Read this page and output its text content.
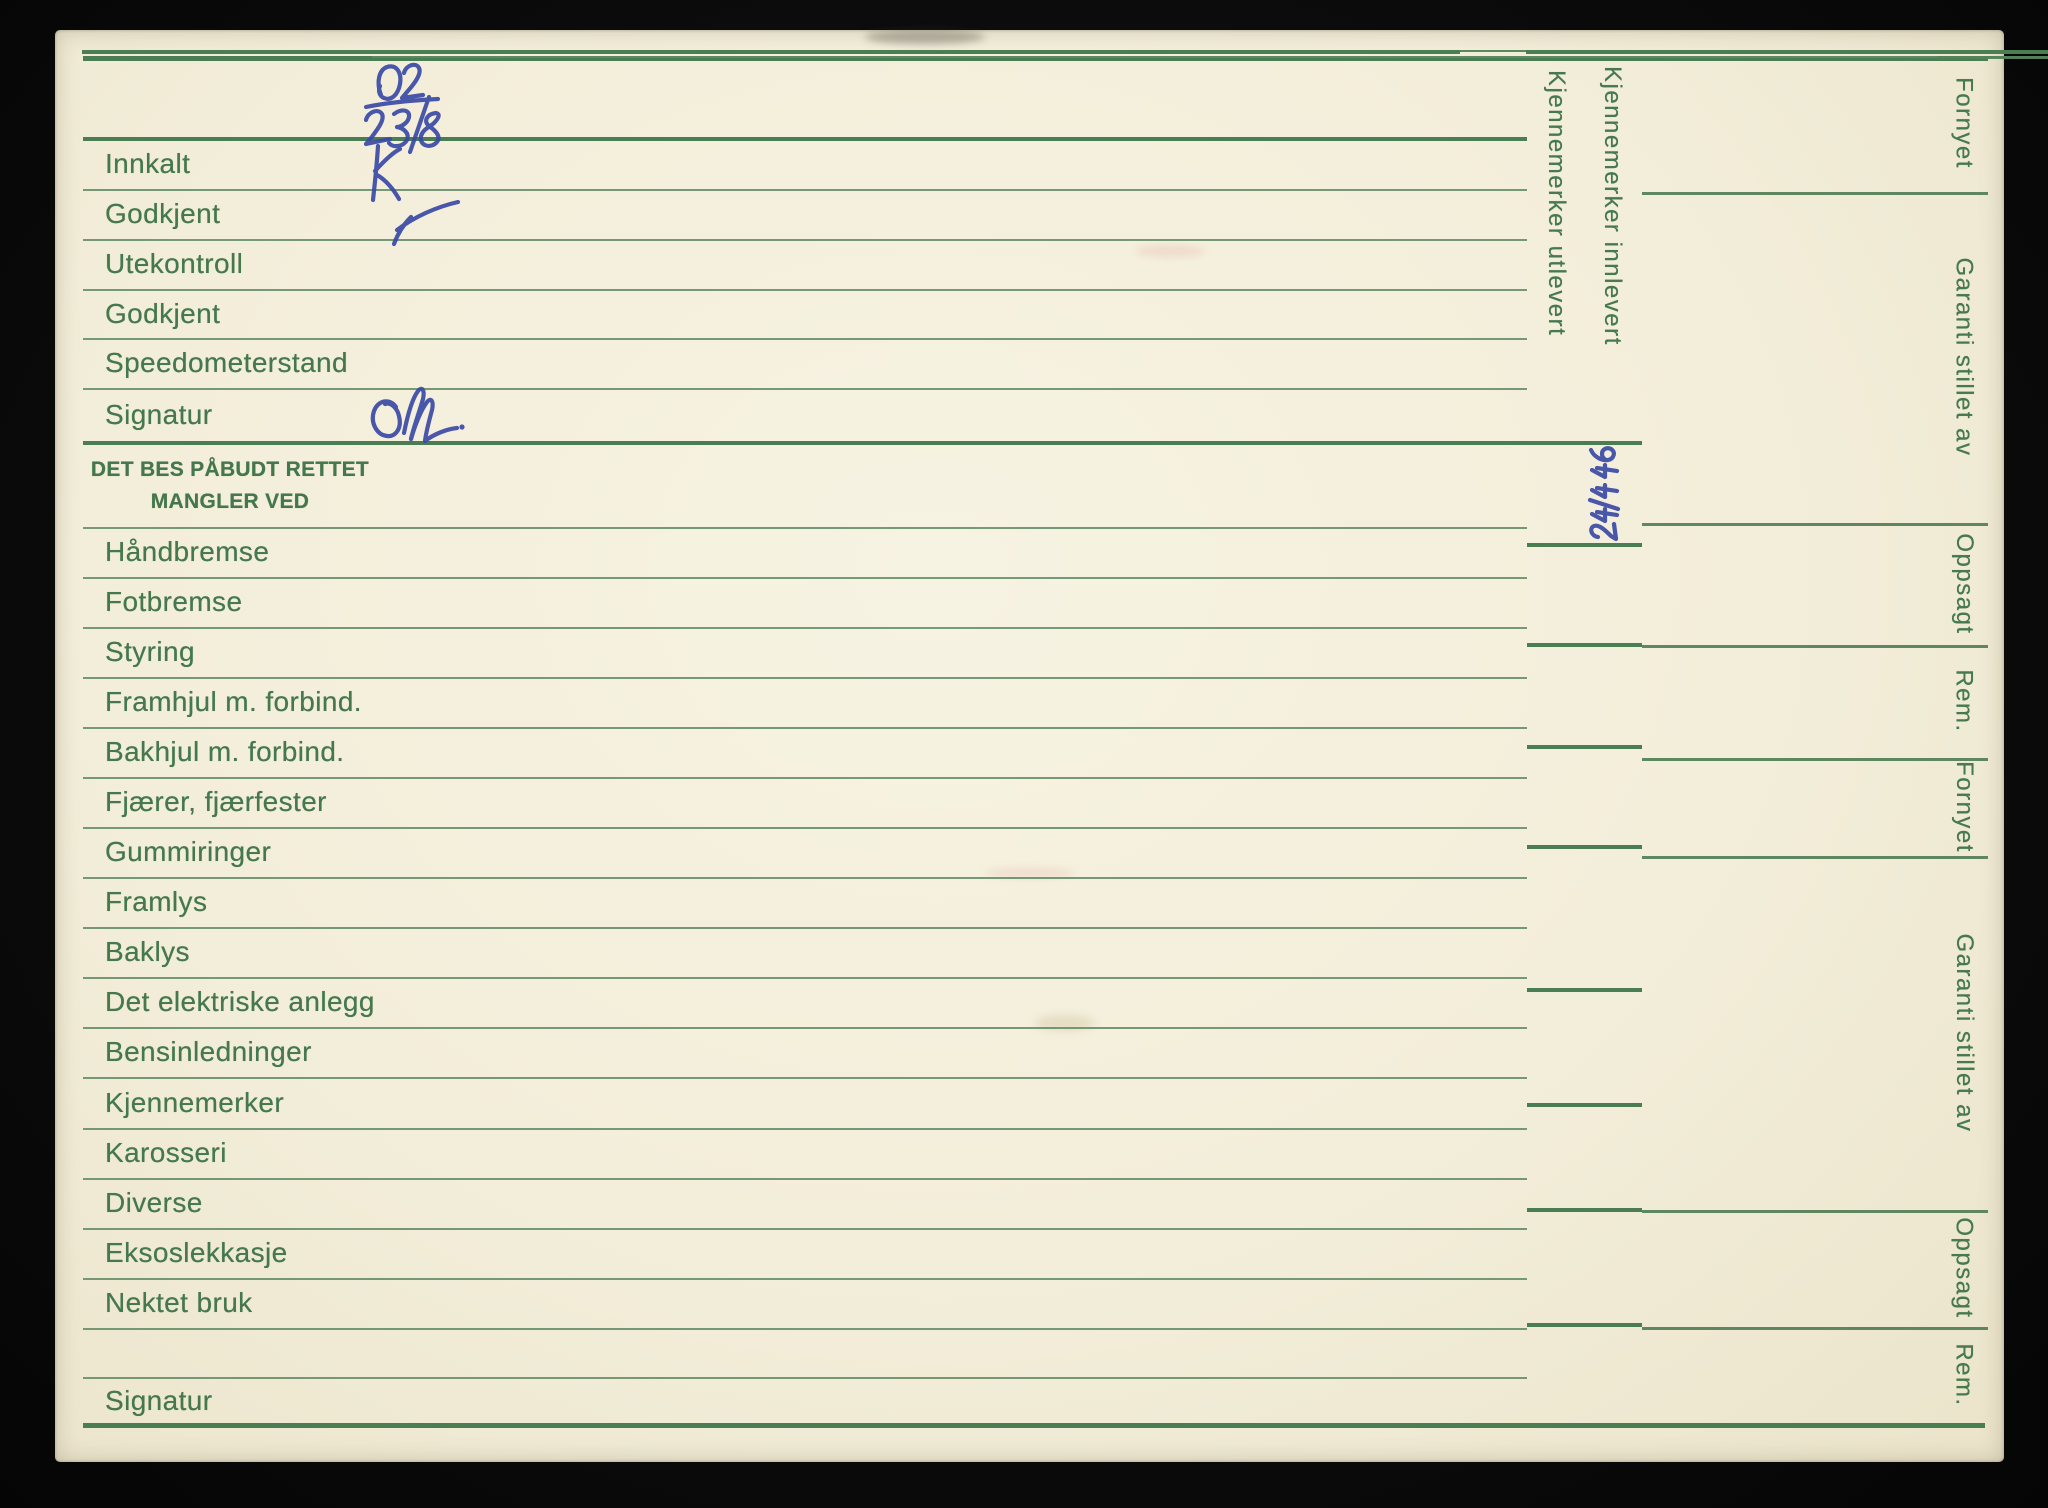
Innkalt
Godkjent
Utekontroll
Godkjent
Speedometerstand
Signatur
DET BES PÅBUDT RETTET
MANGLER VED
Håndbremse
Fotbremse
Styring
Framhjul m. forbind.
Bakhjul m. forbind.
Fjærer, fjærfester
Gummiringer
Framlys
Baklys
Det elektriske anlegg
Bensinledninger
Kjennemerker
Karosseri
Diverse
Eksoslekkasje
Nektet bruk
Signatur
Kjennemerker utlevert Kjennemerker innlevert	Fornyet
Garanti stillet av
Oppsagt
Rem.
Fornyet
Garanti stillet av
Oppsagt
Rem.
